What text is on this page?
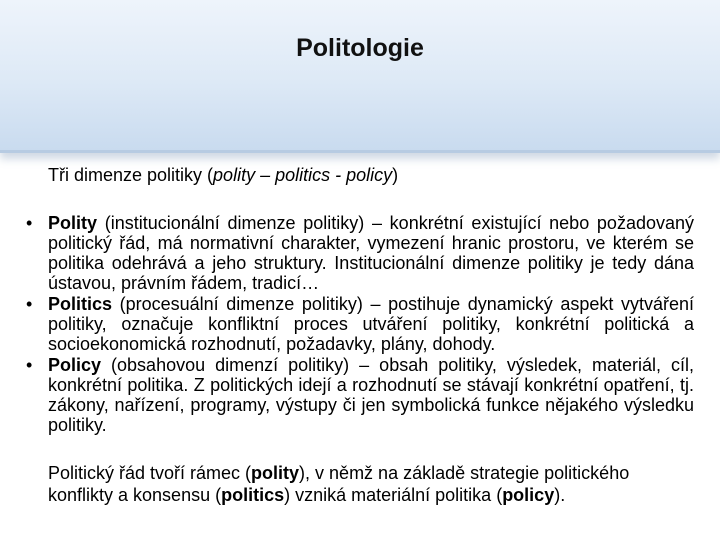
Politologie
Tři dimenze politiky (polity – politics - policy)
• Polity (institucionální dimenze politiky) – konkrétní existující nebo požadovaný politický řád, má normativní charakter, vymezení hranic prostoru, ve kterém se politika odehrává a jeho struktury. Institucionální dimenze politiky je tedy dána ústavou, právním řádem, tradicí…
• Politics (procesuální dimenze politiky) – postihuje dynamický aspekt vytváření politiky, označuje konfliktní proces utváření politiky, konkrétní politická a socioekonomická rozhodnutí, požadavky, plány, dohody.
• Policy (obsahovou dimenzí politiky) – obsah politiky, výsledek, materiál, cíl, konkrétní politika. Z politických idejí a rozhodnutí se stávají konkrétní opatření, tj. zákony, nařízení, programy, výstupy či jen symbolická funkce nějakého výsledku politiky.
Politický řád tvoří rámec (polity), v němž na základě strategie politického konflikty a konsensu (politics) vzniká materiální politika (policy).
